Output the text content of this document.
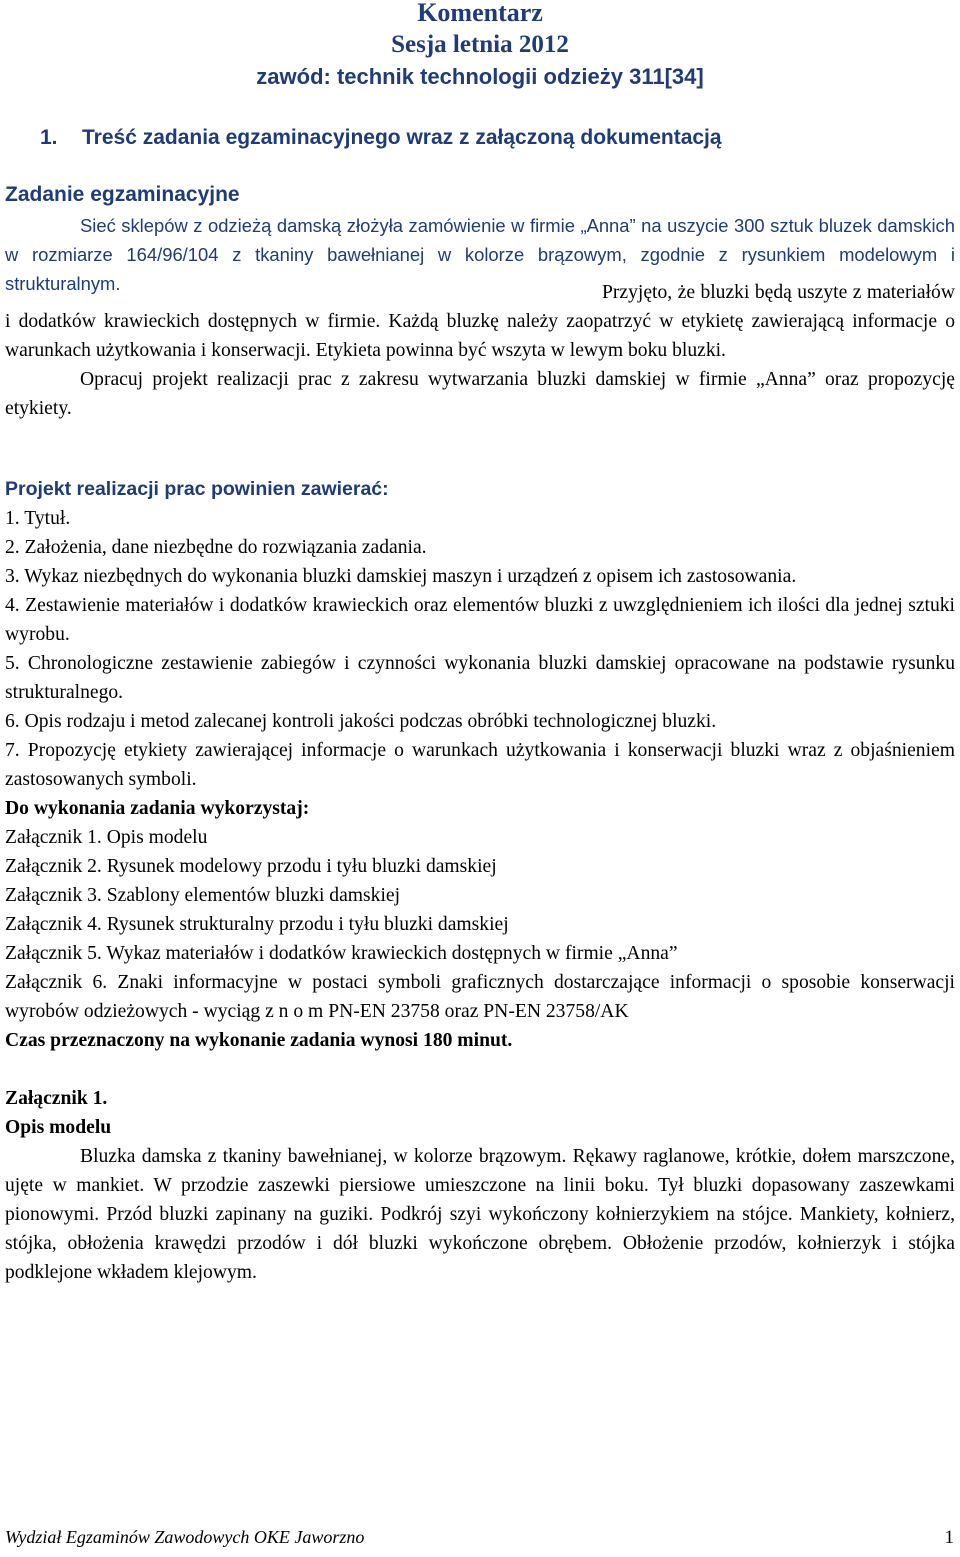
Komentarz
Sesja letnia 2012
zawód: technik technologii odzieży 311[34]
1. Treść zadania egzaminacyjnego wraz z załączoną dokumentacją
Zadanie egzaminacyjne

Sieć sklepów z odzieżą damską złożyła zamówienie w firmie „Anna” na uszycie 300 sztuk bluzek damskich w rozmiarze 164/96/104 z tkaniny bawełnianej w kolorze brązowym, zgodnie z rysunkiem modelowym i strukturalnym.	Przyjęto, że bluzki będą uszyte z materiałów i dodatków krawieckich dostępnych w firmie. Każdą bluzkę należy zaopatrzyć w etykietę zawierającą informacje o warunkach użytkowania i konserwacji. Etykieta powinna być wszyta w lewym boku bluzki.

Opracuj projekt realizacji prac z zakresu wytwarzania bluzki damskiej w firmie „Anna” oraz propozycję etykiety.

Projekt realizacji prac powinien zawierać:

1. Tytuł.

2. Założenia, dane niezbędne do rozwiązania zadania.

3. Wykaz niezbędnych do wykonania bluzki damskiej maszyn i urządzeń z opisem ich zastosowania.

4. Zestawienie materiałów i dodatków krawieckich oraz elementów bluzki z uwzględnieniem ich ilości dla jednej sztuki wyrobu.

5. Chronologiczne zestawienie zabiegów i czynności wykonania bluzki damskiej opracowane na podstawie rysunku strukturalnego.

6. Opis rodzaju i metod zalecanej kontroli jakości podczas obróbki technologicznej bluzki.

7. Propozycję etykiety zawierającej informacje o warunkach użytkowania i konserwacji bluzki wraz z objaśnieniem zastosowanych symboli.

Do wykonania zadania wykorzystaj:

Załącznik 1. Opis modelu

Załącznik 2. Rysunek modelowy przodu i tyłu bluzki damskiej

Załącznik 3. Szablony elementów bluzki damskiej

Załącznik 4. Rysunek strukturalny przodu i tyłu bluzki damskiej

Załącznik 5. Wykaz materiałów i dodatków krawieckich dostępnych w firmie „Anna”

Załącznik 6. Znaki informacyjne w postaci symboli graficznych dostarczające informacji o sposobie konserwacji wyrobów odzieżowych - wyciąg z n o m PN-EN 23758 oraz PN-EN 23758/AK

Czas przeznaczony na wykonanie zadania wynosi 180 minut.

Załącznik 1.

Opis modelu

Bluzka damska z tkaniny bawełnianej, w kolorze brązowym. Rękawy raglanowe, krótkie, dołem marszczone, ujęte w mankiet. W przodzie zaszewki piersiowe umieszczone na linii boku. Tył bluzki dopasowany zaszewkami pionowymi. Przód bluzki zapinany na guziki. Podkrój szyi wykończony kołnierzykiem na stójce. Mankiety, kołnierz, stójka, obłożenia krawędzi przodów i dół bluzki wykończone obrębem. Obłożenie przodów, kołnierzyk i stójka podklejone wkładem klejowym.

Wydział Egzaminów Zawodowych OKE Jaworzno	1
